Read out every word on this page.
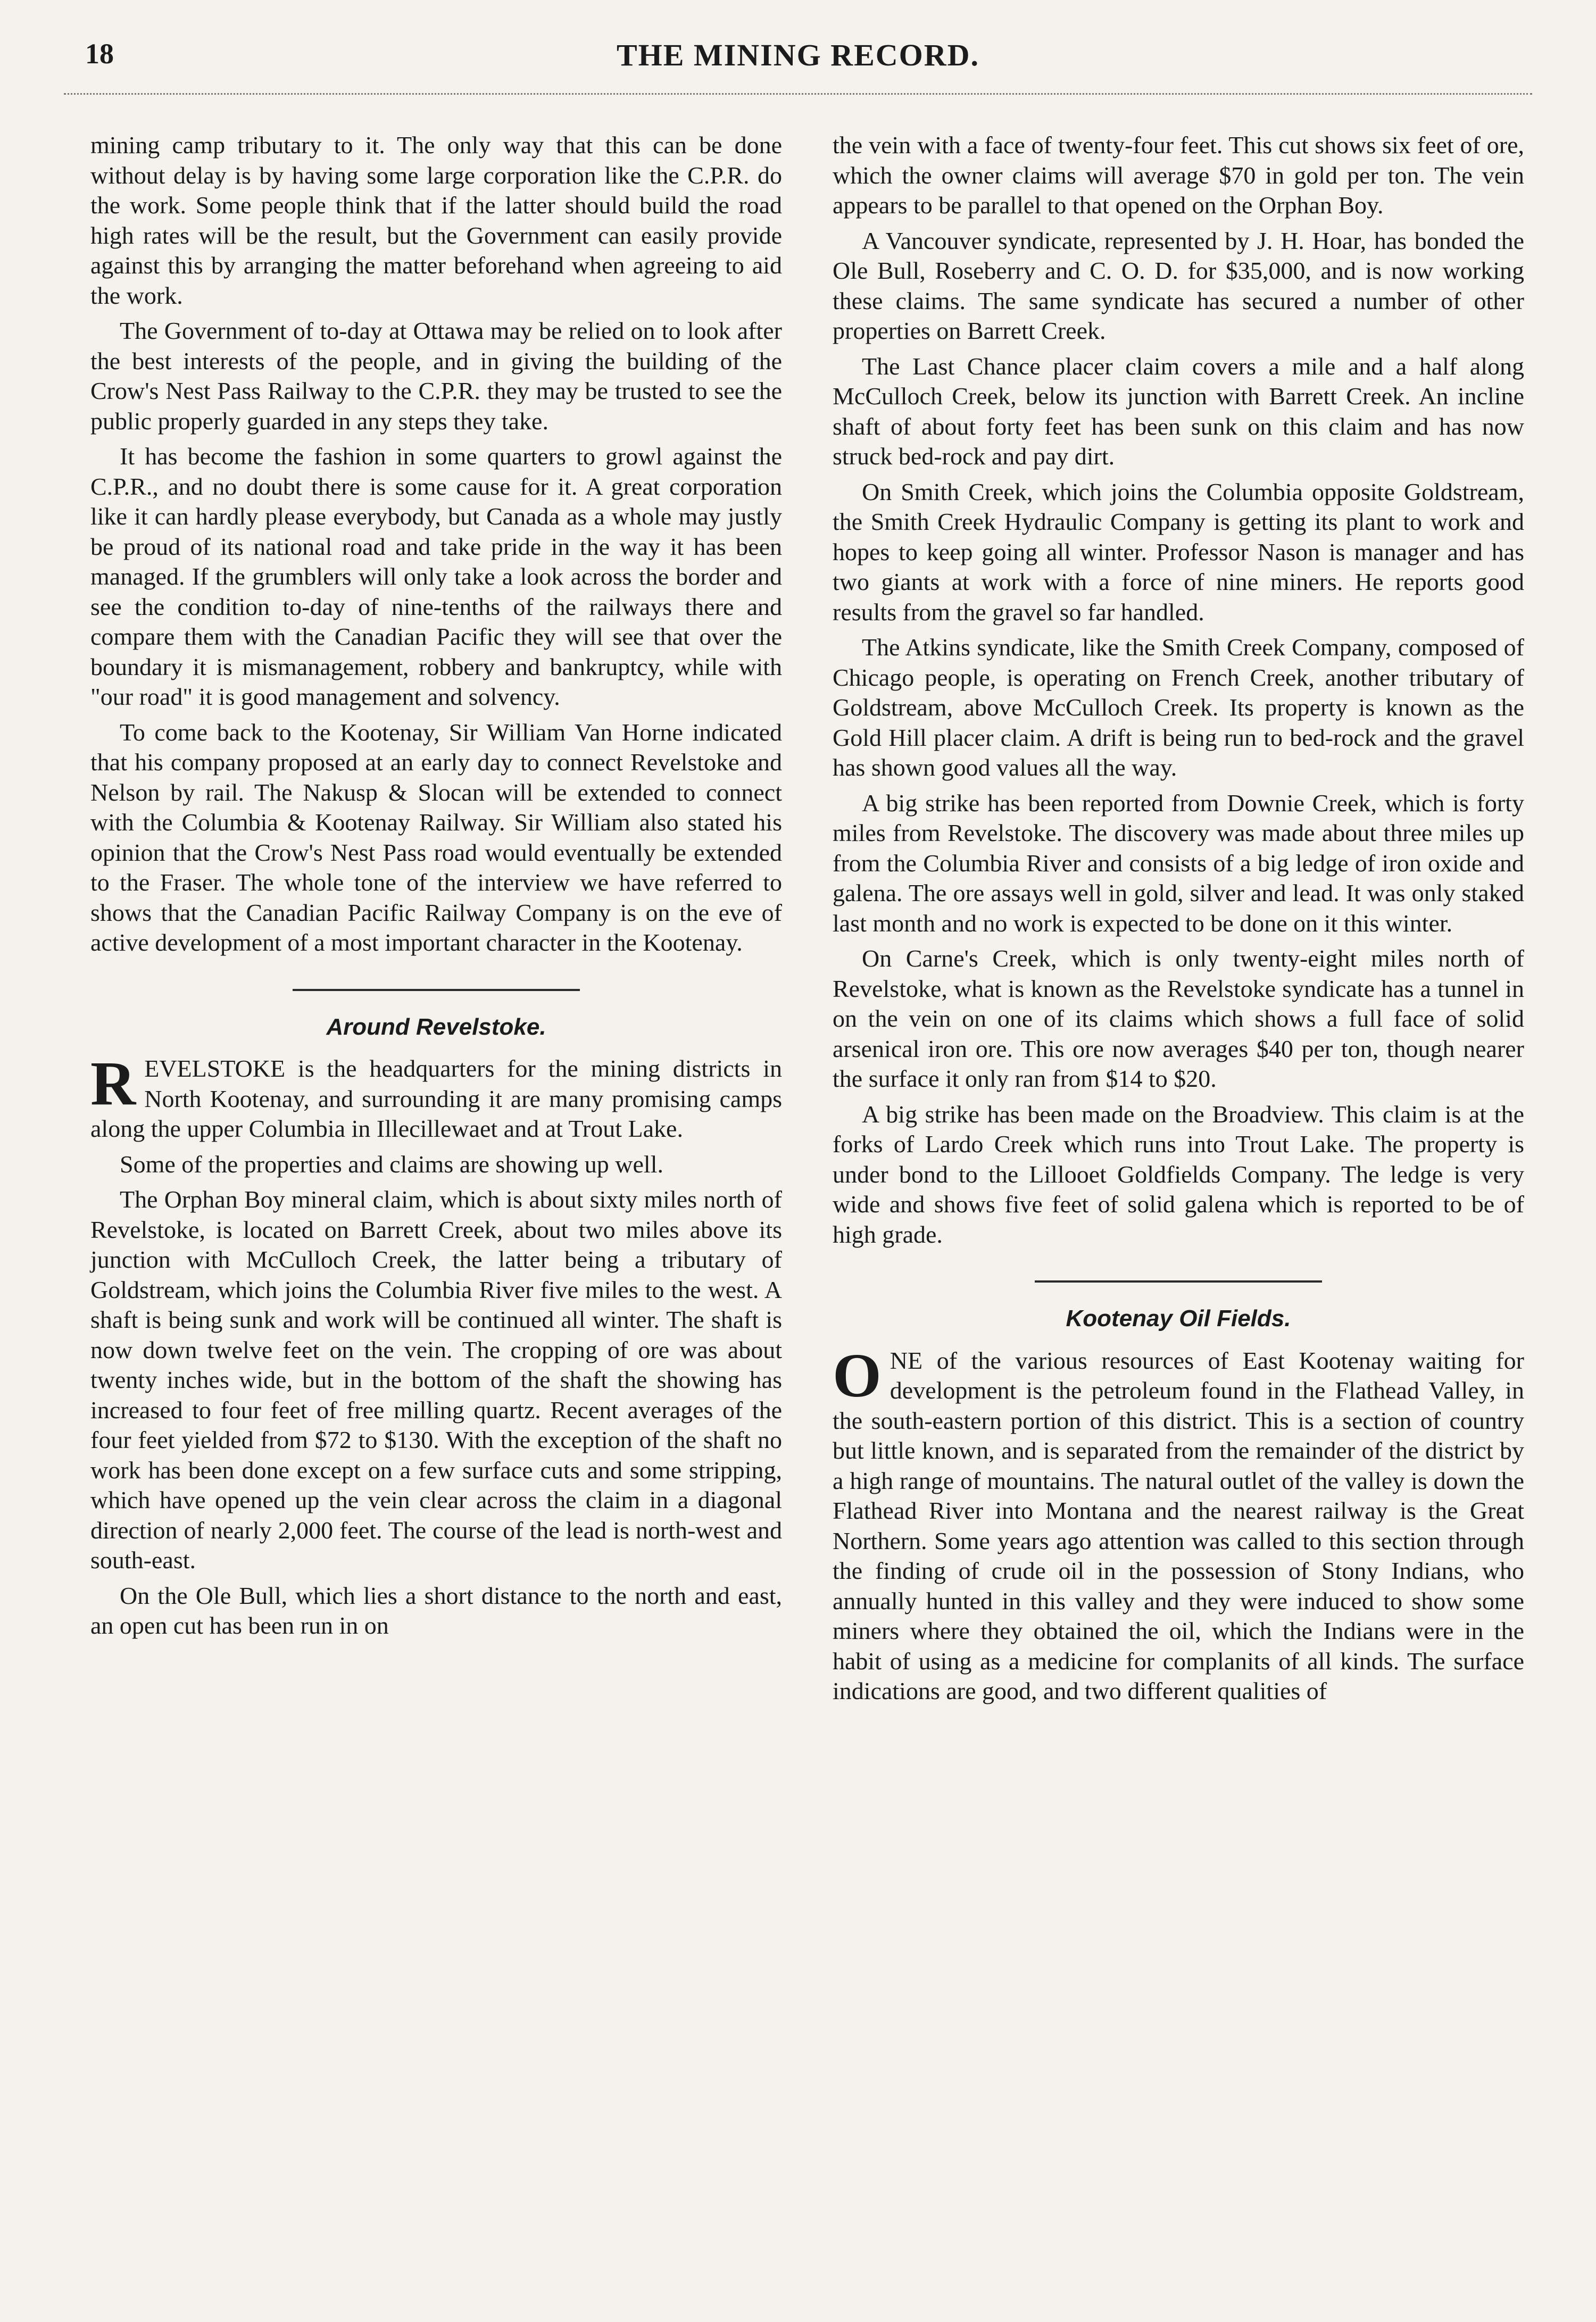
18	THE MINING RECORD.

mining camp tributary to it. The only way that this can be done without delay is by having some large corporation like the C.P.R. do the work. Some people think that if the latter should build the road high rates will be the result, but the Government can easily provide against this by arranging the matter beforehand when agreeing to aid the work.

The Government of to-day at Ottawa may be relied on to look after the best interests of the people, and in giving the building of the Crow's Nest Pass Railway to the C.P.R. they may be trusted to see the public properly guarded in any steps they take.

It has become the fashion in some quarters to growl against the C.P.R., and no doubt there is some cause for it. A great corporation like it can hardly please everybody, but Canada as a whole may justly be proud of its national road and take pride in the way it has been managed. If the grumblers will only take a look across the border and see the condition to-day of nine-tenths of the railways there and compare them with the Canadian Pacific they will see that over the boundary it is mismanagement, robbery and bankruptcy, while with "our road" it is good management and solvency.

To come back to the Kootenay, Sir William Van Horne indicated that his company proposed at an early day to connect Revelstoke and Nelson by rail. The Nakusp & Slocan will be extended to connect with the Columbia & Kootenay Railway. Sir William also stated his opinion that the Crow's Nest Pass road would eventually be extended to the Fraser. The whole tone of the interview we have referred to shows that the Canadian Pacific Railway Company is on the eve of active development of a most important character in the Kootenay.

Around Revelstoke.

REVELSTOKE is the headquarters for the mining districts in North Kootenay, and surrounding it are many promising camps along the upper Columbia in Illecillewaet and at Trout Lake.

Some of the properties and claims are showing up well.

The Orphan Boy mineral claim, which is about sixty miles north of Revelstoke, is located on Barrett Creek, about two miles above its junction with McCulloch Creek, the latter being a tributary of Goldstream, which joins the Columbia River five miles to the west. A shaft is being sunk and work will be continued all winter. The shaft is now down twelve feet on the vein. The cropping of ore was about twenty inches wide, but in the bottom of the shaft the showing has increased to four feet of free milling quartz. Recent averages of the four feet yielded from $72 to $130. With the exception of the shaft no work has been done except on a few surface cuts and some stripping, which have opened up the vein clear across the claim in a diagonal direction of nearly 2,000 feet. The course of the lead is north-west and south-east.

On the Ole Bull, which lies a short distance to the north and east, an open cut has been run in on

the vein with a face of twenty-four feet. This cut shows six feet of ore, which the owner claims will average $70 in gold per ton. The vein appears to be parallel to that opened on the Orphan Boy.

A Vancouver syndicate, represented by J. H. Hoar, has bonded the Ole Bull, Roseberry and C. O. D. for $35,000, and is now working these claims. The same syndicate has secured a number of other properties on Barrett Creek.

The Last Chance placer claim covers a mile and a half along McCulloch Creek, below its junction with Barrett Creek. An incline shaft of about forty feet has been sunk on this claim and has now struck bed-rock and pay dirt.

On Smith Creek, which joins the Columbia opposite Goldstream, the Smith Creek Hydraulic Company is getting its plant to work and hopes to keep going all winter. Professor Nason is manager and has two giants at work with a force of nine miners. He reports good results from the gravel so far handled.

The Atkins syndicate, like the Smith Creek Company, composed of Chicago people, is operating on French Creek, another tributary of Goldstream, above McCulloch Creek. Its property is known as the Gold Hill placer claim. A drift is being run to bed-rock and the gravel has shown good values all the way.

A big strike has been reported from Downie Creek, which is forty miles from Revelstoke. The discovery was made about three miles up from the Columbia River and consists of a big ledge of iron oxide and galena. The ore assays well in gold, silver and lead. It was only staked last month and no work is expected to be done on it this winter.

On Carne's Creek, which is only twenty-eight miles north of Revelstoke, what is known as the Revelstoke syndicate has a tunnel in on the vein on one of its claims which shows a full face of solid arsenical iron ore. This ore now averages $40 per ton, though nearer the surface it only ran from $14 to $20.

A big strike has been made on the Broadview. This claim is at the forks of Lardo Creek which runs into Trout Lake. The property is under bond to the Lillooet Goldfields Company. The ledge is very wide and shows five feet of solid galena which is reported to be of high grade.

Kootenay Oil Fields.

ONE of the various resources of East Kootenay waiting for development is the petroleum found in the Flathead Valley, in the south-eastern portion of this district. This is a section of country but little known, and is separated from the remainder of the district by a high range of mountains. The natural outlet of the valley is down the Flathead River into Montana and the nearest railway is the Great Northern. Some years ago attention was called to this section through the finding of crude oil in the possession of Stony Indians, who annually hunted in this valley and they were induced to show some miners where they obtained the oil, which the Indians were in the habit of using as a medicine for complanits of all kinds. The surface indications are good, and two different qualities of
